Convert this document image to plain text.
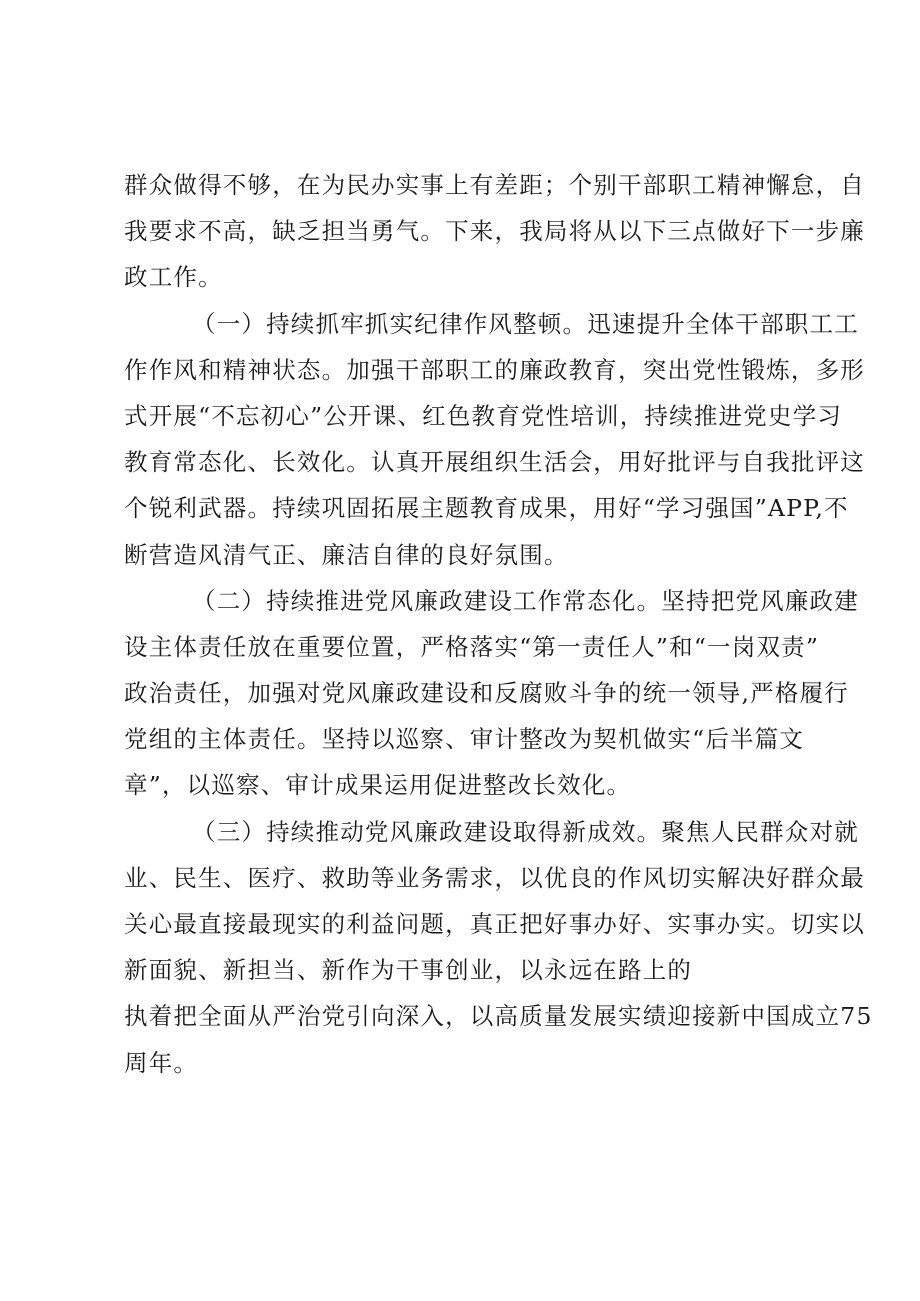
群众做得不够，在为民办实事上有差距；个别干部职工精神懈怠，自
我要求不高，缺乏担当勇气。下来，我局将从以下三点做好下一步廉
政工作。
（一）持续抓牢抓实纪律作风整顿。迅速提升全体干部职工工
作作风和精神状态。加强干部职工的廉政教育，突出党性锻炼，多形
式开展“不忘初心”公开课、红色教育党性培训，持续推进党史学习
教育常态化、长效化。认真开展组织生活会，用好批评与自我批评这
个锐利武器。持续巩固拓展主题教育成果，用好“学习强国”APP,不
断营造风清气正、廉洁自律的良好氛围。
（二）持续推进党风廉政建设工作常态化。坚持把党风廉政建
设主体责任放在重要位置，严格落实“第一责任人”和“一岗双责”
政治责任，加强对党风廉政建设和反腐败斗争的统一领导,严格履行
党组的主体责任。坚持以巡察、审计整改为契机做实“后半篇文
章”，以巡察、审计成果运用促进整改长效化。
（三）持续推动党风廉政建设取得新成效。聚焦人民群众对就
业、民生、医疗、救助等业务需求，以优良的作风切实解决好群众最
关心最直接最现实的利益问题，真正把好事办好、实事办实。切实以
新面貌、新担当、新作为干事创业，以永远在路上的
执着把全面从严治党引向深入，以高质量发展实绩迎接新中国成立75
周年。
